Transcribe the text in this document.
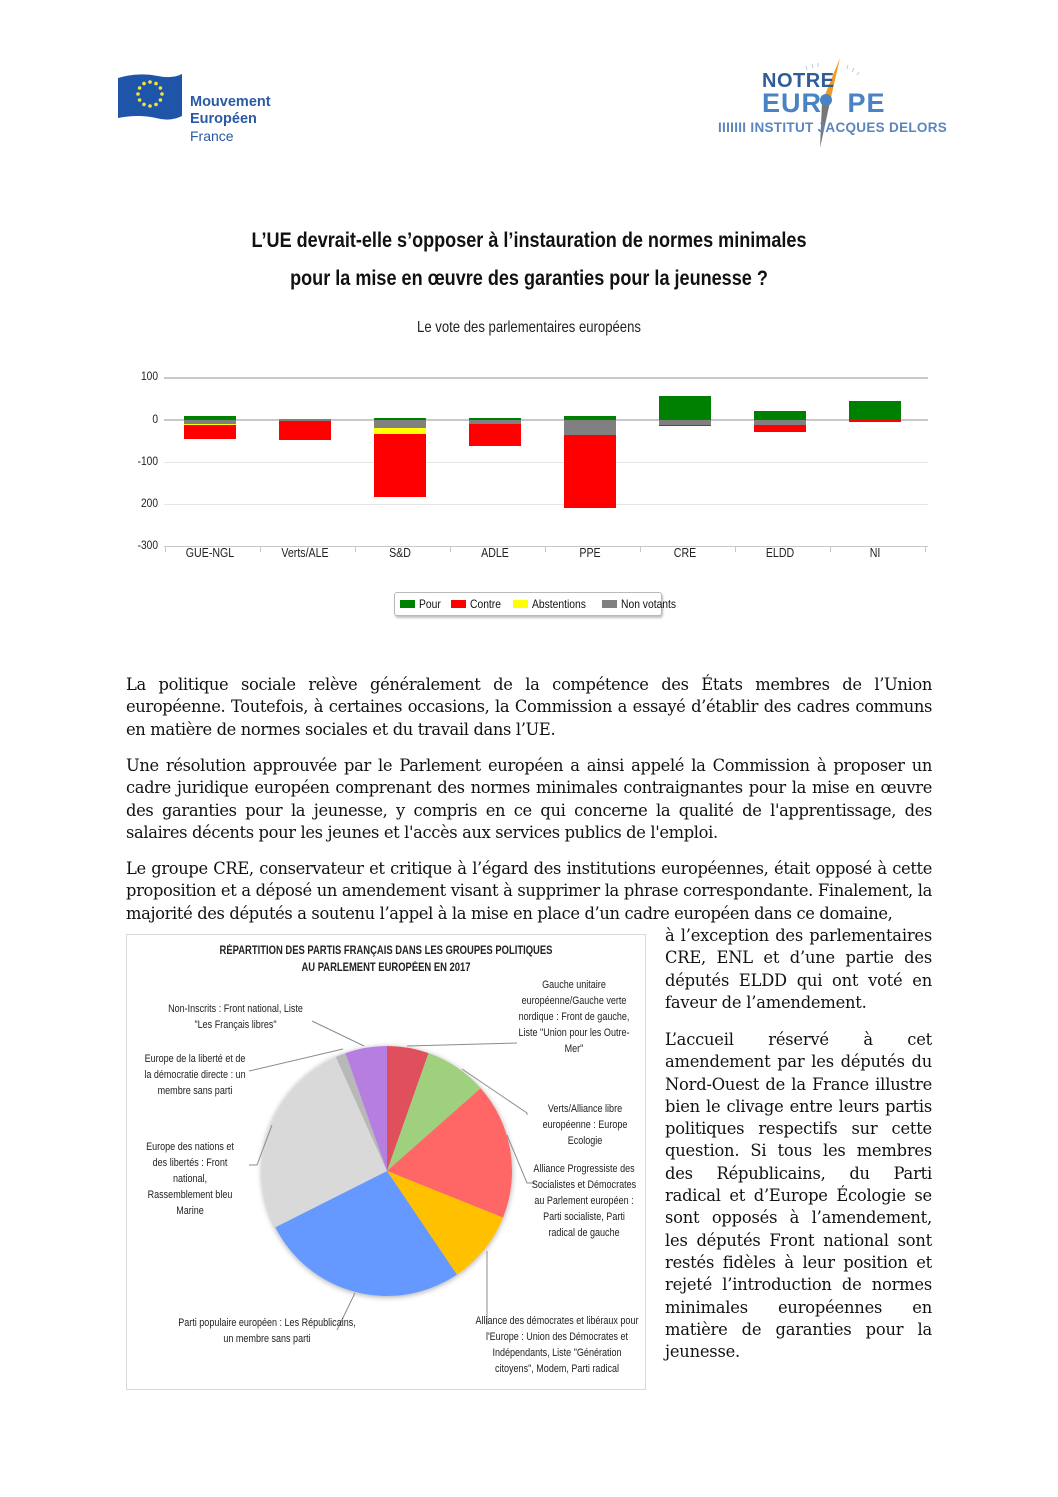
Mouvement
Européen
France
NOTRE
EUR   PE
IIIIIII INSTITUT JACQUES DELORS
L’UE devrait-elle s’opposer à l’instauration de normes minimales
pour la mise en œuvre des garanties pour la jeunesse ?
Le vote des parlementaires européens
100
0
-100
200
-300
GUE-NGL	Verts/ALE	S&D	ADLE	PPE	CRE	ELDD	NI
Pour Contre	Abstentions	Non votants
La politique sociale relève généralement de la compétence des États membres de l’Union européenne. Toutefois, à certaines occasions, la Commission a essayé d’établir des cadres communs en matière de normes sociales et du travail dans l’UE.
Une résolution approuvée par le Parlement européen a ainsi appelé la Commission à proposer un cadre juridique européen comprenant des normes minimales contraignantes pour la mise en œuvre des garanties pour la jeunesse, y compris en ce qui concerne la qualité de l'apprentissage, des salaires décents pour les jeunes et l'accès aux services publics de l'emploi.
Le groupe CRE, conservateur et critique à l’égard des institutions européennes, était opposé à cette proposition et a déposé un amendement visant à supprimer la phrase correspondante. Finalement, la majorité des députés a soutenu l’appel à la mise en place d’un cadre européen dans ce domaine,
à l’exception des parlementaires CRE, ENL et d’une partie des députés ELDD qui ont voté en faveur de l’amendement.
L’accueil réservé à cet amendement par les députés du Nord-Ouest de la France illustre bien le clivage entre leurs partis politiques respectifs sur cette question. Si tous les membres des Républicains, du Parti radical et d’Europe Écologie se sont opposés à l’amendement, les députés Front national sont restés fidèles à leur position et rejeté l’introduction de normes minimales européennes en matière de garanties pour la jeunesse.
RÉPARTITION DES PARTIS FRANÇAIS DANS LES GROUPES POLITIQUES
AU PARLEMENT EUROPÉEN EN 2017
Gauche unitaire européenne/Gauche verte nordique : Front de gauche, Liste "Union pour les Outre-Mer"
Verts/Alliance libre européenne : Europe Ecologie
Alliance Progressiste des Socialistes et Démocrates au Parlement européen : Parti socialiste, Parti radical de gauche
Alliance des démocrates et libéraux pour l'Europe : Union des Démocrates et Indépendants, Liste "Génération citoyens", Modem, Parti radical
Parti populaire européen : Les Républicains, un membre sans parti
Europe des nations et des libertés : Front national, Rassemblement bleu Marine
Europe de la liberté et de la démocratie directe : un membre sans parti
Non-Inscrits : Front national, Liste "Les Français libres"
